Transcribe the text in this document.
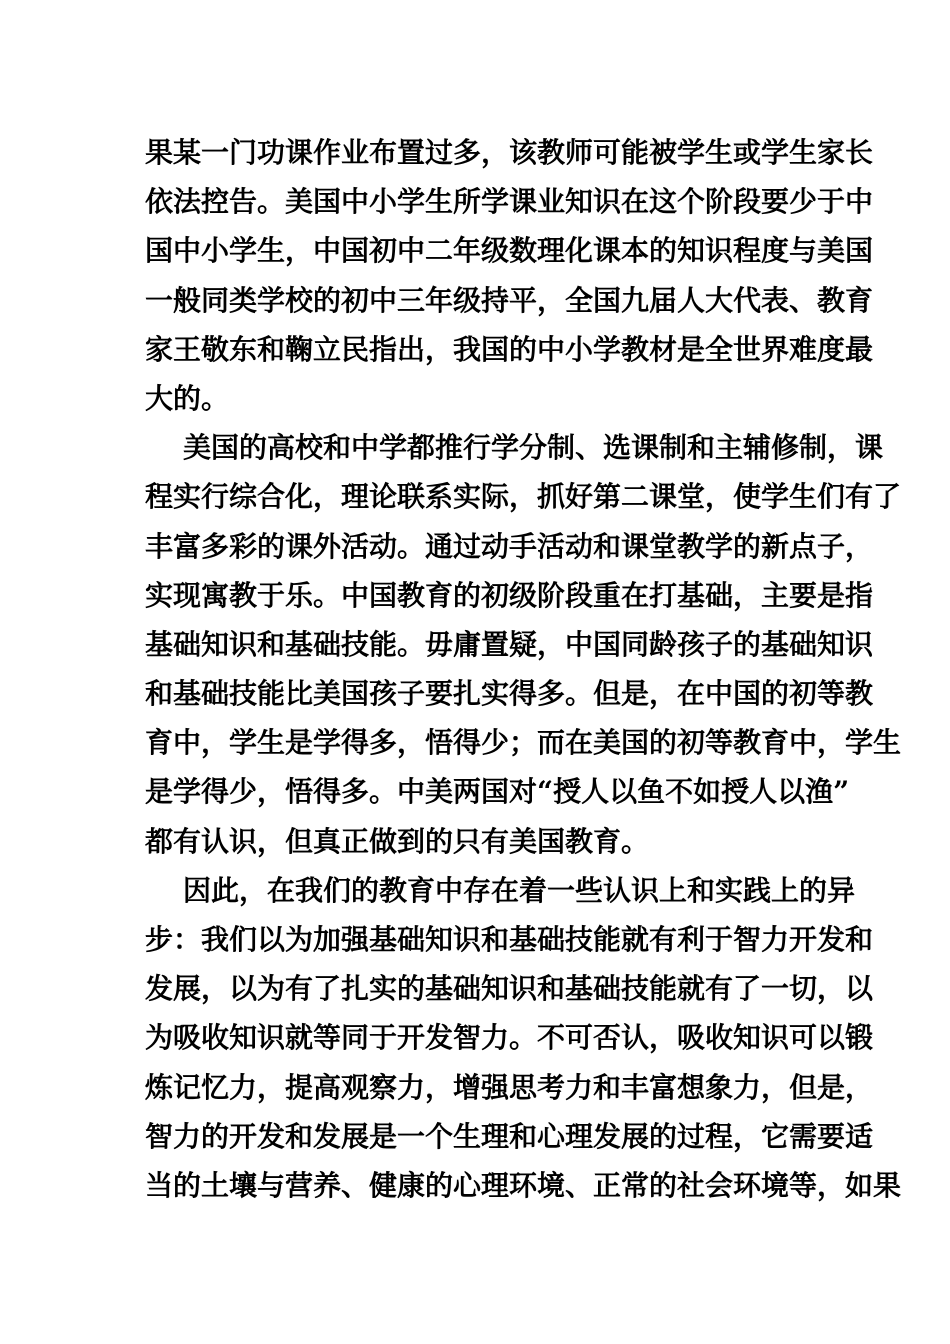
果某一门功课作业布置过多，该教师可能被学生或学生家长
依法控告。美国中小学生所学课业知识在这个阶段要少于中
国中小学生，中国初中二年级数理化课本的知识程度与美国
一般同类学校的初中三年级持平，全国九届人大代表、教育
家王敬东和鞠立民指出，我国的中小学教材是全世界难度最
大的。
美国的高校和中学都推行学分制、选课制和主辅修制，课
程实行综合化，理论联系实际，抓好第二课堂，使学生们有了
丰富多彩的课外活动。通过动手活动和课堂教学的新点子，
实现寓教于乐。中国教育的初级阶段重在打基础，主要是指
基础知识和基础技能。毋庸置疑，中国同龄孩子的基础知识
和基础技能比美国孩子要扎实得多。但是，在中国的初等教
育中，学生是学得多，悟得少；而在美国的初等教育中，学生
是学得少，悟得多。中美两国对“授人以鱼不如授人以渔”
都有认识，但真正做到的只有美国教育。
因此，在我们的教育中存在着一些认识上和实践上的异
步：我们以为加强基础知识和基础技能就有利于智力开发和
发展，以为有了扎实的基础知识和基础技能就有了一切，以
为吸收知识就等同于开发智力。不可否认，吸收知识可以锻
炼记忆力，提高观察力，增强思考力和丰富想象力，但是，
智力的开发和发展是一个生理和心理发展的过程，它需要适
当的土壤与营养、健康的心理环境、正常的社会环境等，如果
